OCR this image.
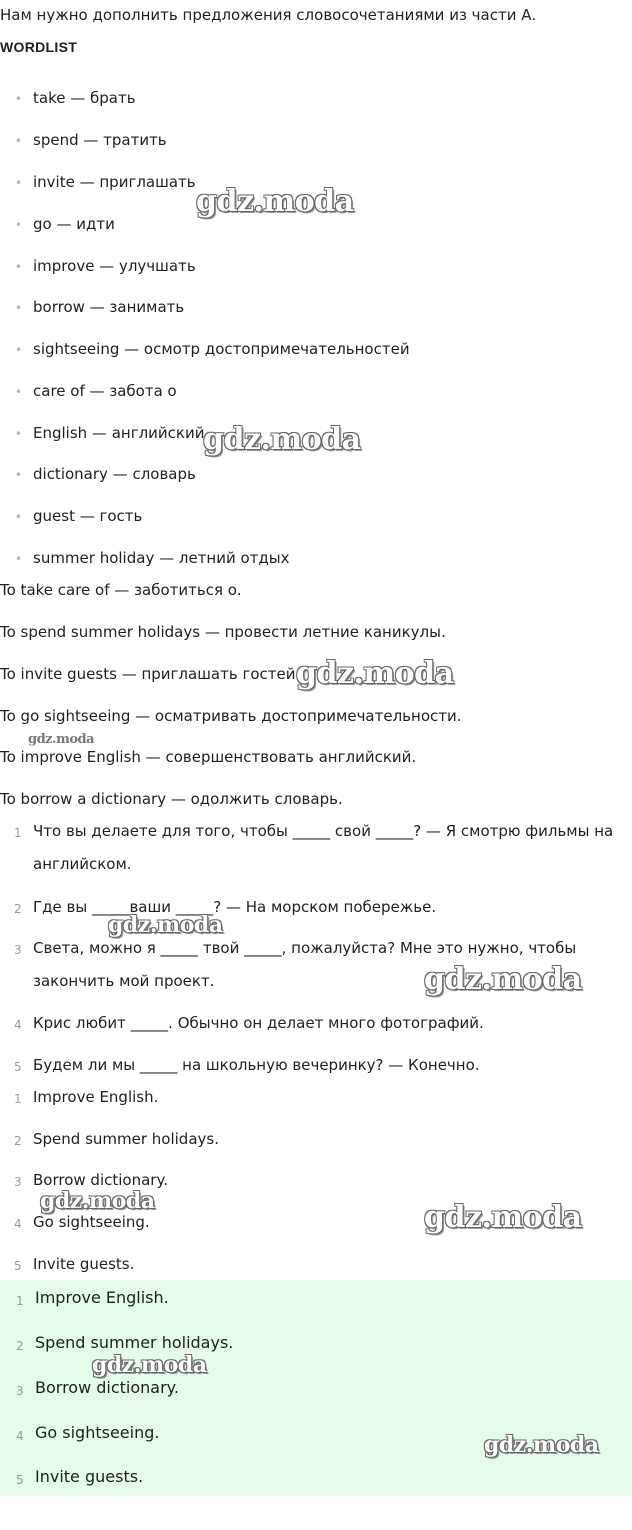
Нам нужно дополнить предложения словосочетаниями из части А.
WORDLIST
• take — брать
• spend — тратить
• invite — приглашать
• go — идти
• improve — улучшать
• borrow — занимать
• sightseeing — осмотр достопримечательностей
• care of — забота о
• English — английский
• dictionary — словарь
• guest — гость
• summer holiday — летний отдых
To take care of — заботиться о.
To spend summer holidays — провести летние каникулы.
To invite guests — приглашать гостей.
To go sightseeing — осматривать достопримечательности.
To improve English — совершенствовать английский.
To borrow a dictionary — одолжить словарь.
1 Что вы делаете для того, чтобы _____ свой _____? — Я смотрю фильмы на английском.
2 Где вы _____ваши _____? — На морском побережье.
3 Света, можно я _____ твой _____, пожалуйста? Мне это нужно, чтобы закончить мой проект.
4 Крис любит _____. Обычно он делает много фотографий.
5 Будем ли мы _____ на школьную вечеринку? — Конечно.
1 Improve English.
2 Spend summer holidays.
3 Borrow dictionary.
4 Go sightseeing.
5 Invite guests.
1 Improve English.
2 Spend summer holidays.
3 Borrow dictionary.
4 Go sightseeing.
5 Invite guests.
gdz.moda
gdz.moda
gdz.moda
gdz.moda
gdz.moda
gdz.moda
gdz.moda	gdz.moda
gdz.moda
gdz.moda
